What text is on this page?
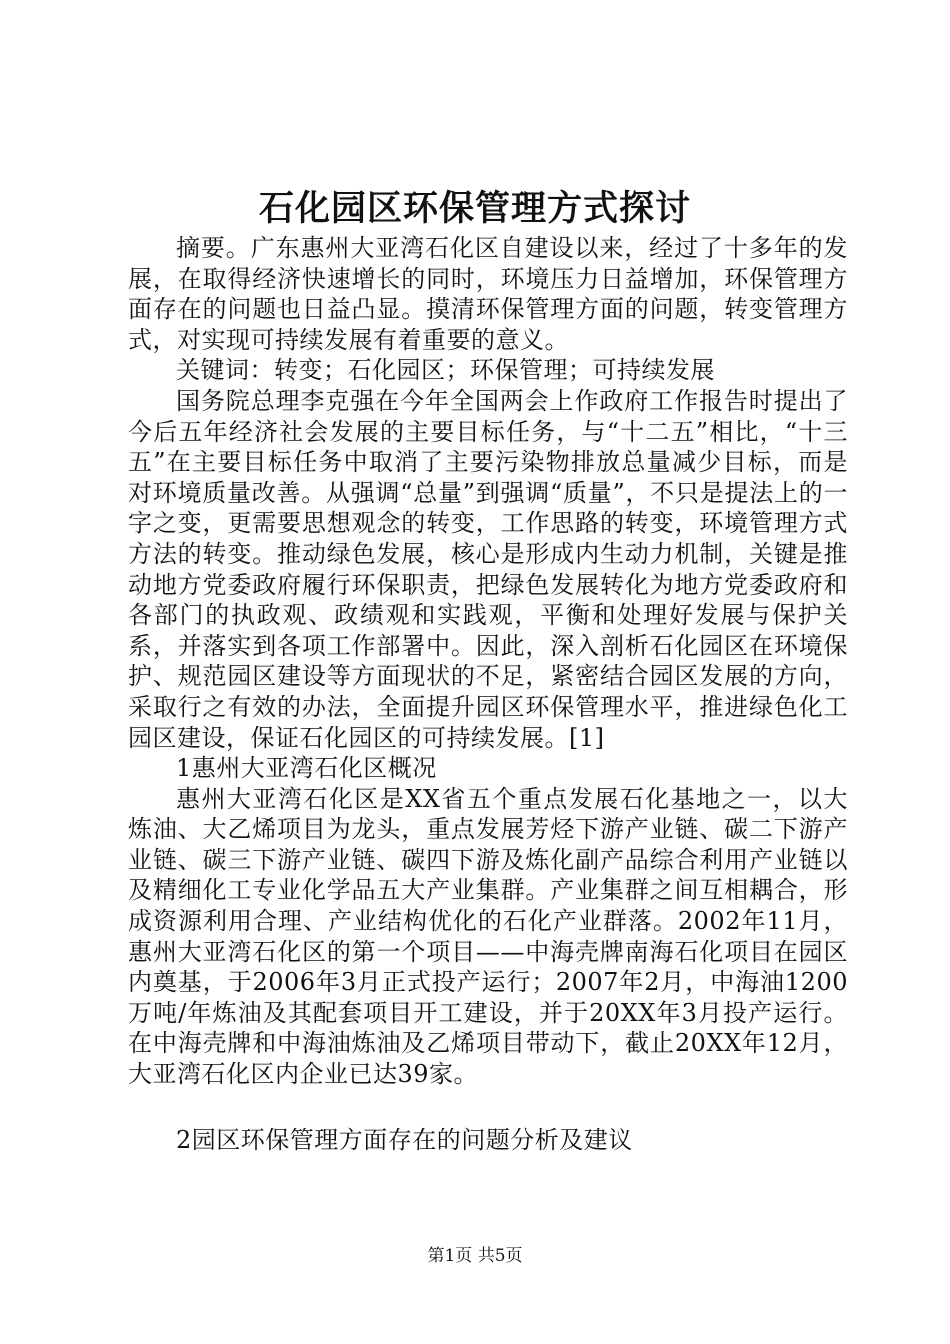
石化园区环保管理方式探讨

摘要。广东惠州大亚湾石化区自建设以来，经过了十多年的发展，在取得经济快速增长的同时，环境压力日益增加，环保管理方面存在的问题也日益凸显。摸清环保管理方面的问题，转变管理方式，对实现可持续发展有着重要的意义。

关键词：转变；石化园区；环保管理；可持续发展

国务院总理李克强在今年全国两会上作政府工作报告时提出了今后五年经济社会发展的主要目标任务，与“十二五”相比，“十三五”在主要目标任务中取消了主要污染物排放总量减少目标，而是对环境质量改善。从强调“总量”到强调“质量”，不只是提法上的一字之变，更需要思想观念的转变，工作思路的转变，环境管理方式方法的转变。推动绿色发展，核心是形成内生动力机制，关键是推动地方党委政府履行环保职责，把绿色发展转化为地方党委政府和各部门的执政观、政绩观和实践观，平衡和处理好发展与保护关系，并落实到各项工作部署中。因此，深入剖析石化园区在环境保护、规范园区建设等方面现状的不足，紧密结合园区发展的方向，采取行之有效的办法，全面提升园区环保管理水平，推进绿色化工园区建设，保证石化园区的可持续发展。[1]

1惠州大亚湾石化区概况

惠州大亚湾石化区是XX省五个重点发展石化基地之一，以大炼油、大乙烯项目为龙头，重点发展芳烃下游产业链、碳二下游产业链、碳三下游产业链、碳四下游及炼化副产品综合利用产业链以及精细化工专业化学品五大产业集群。产业集群之间互相耦合，形成资源利用合理、产业结构优化的石化产业群落。2002年11月，惠州大亚湾石化区的第一个项目——中海壳牌南海石化项目在园区内奠基，于2006年3月正式投产运行；2007年2月，中海油1200万吨/年炼油及其配套项目开工建设，并于20XX年3月投产运行。在中海壳牌和中海油炼油及乙烯项目带动下，截止20XX年12月，大亚湾石化区内企业已达39家。

2园区环保管理方面存在的问题分析及建议

第1页 共5页
